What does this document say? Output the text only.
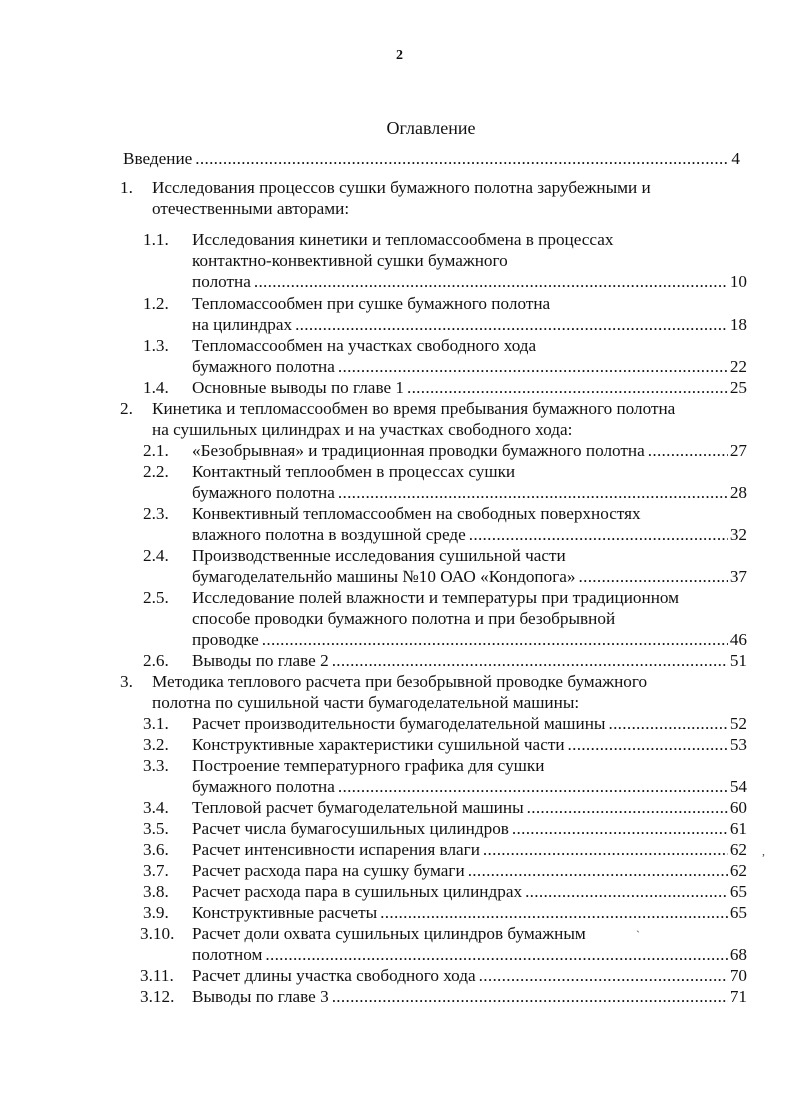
2
Оглавление
Введение . . .	4
1. Исследования процессов сушки бумажного полотна зарубежными и
отечественными авторами:
1.1. Исследования кинетики и тепломассообмена в процессах
контактно-конвективной сушки бумажного
полотна . . .	10
1.2. Тепломассообмен при сушке бумажного полотна
на цилиндрах . . .	18
1.3. Тепломассообмен на участках свободного хода
бумажного полотна . . .	22
1.4. Основные выводы по главе 1 . . .	25
2. Кинетика и тепломассообмен во время пребывания бумажного полотна
на сушильных цилиндрах и на участках свободного хода:
2.1. «Безобрывная» и традиционная проводки бумажного полотна . . .	27
2.2. Контактный теплообмен в процессах сушки
бумажного полотна . . .	28
2.3. Конвективный тепломассообмен на свободных поверхностях
влажного полотна в воздушной среде . . .	32
2.4. Производственные исследования сушильной части
бумагоделательнйо машины №10 ОАО «Кондопога» . . .	37
2.5. Исследование полей влажности и температуры при традиционном
способе проводки бумажного полотна и при безобрывной
проводке . . .	46
2.6. Выводы по главе 2 . . .	51
3. Методика теплового расчета при безобрывной проводке бумажного
полотна по сушильной части бумагоделательной машины:
3.1. Расчет производительности бумагоделательной машины . . .	52
3.2. Конструктивные характеристики сушильной части . . .	53
3.3. Построение температурного графика для сушки
бумажного полотна . . .	54
3.4. Тепловой расчет бумагоделательной машины . . .	60
3.5. Расчет числа бумагосушильных цилиндров . . .	61
3.6. Расчет интенсивности испарения влаги . . .	62 ,
3.7. Расчет расхода пара на сушку бумаги . . .	62
3.8. Расчет расхода пара в сушильных цилиндрах . . .	65
3.9. Конструктивные расчеты . . .	65
3.10. Расчет доли охвата сушильных цилиндров бумажным	`
полотном . . .	68
3.11. Расчет длины участка свободного хода . . .	70
3.12. Выводы по главе 3 . . .	71
